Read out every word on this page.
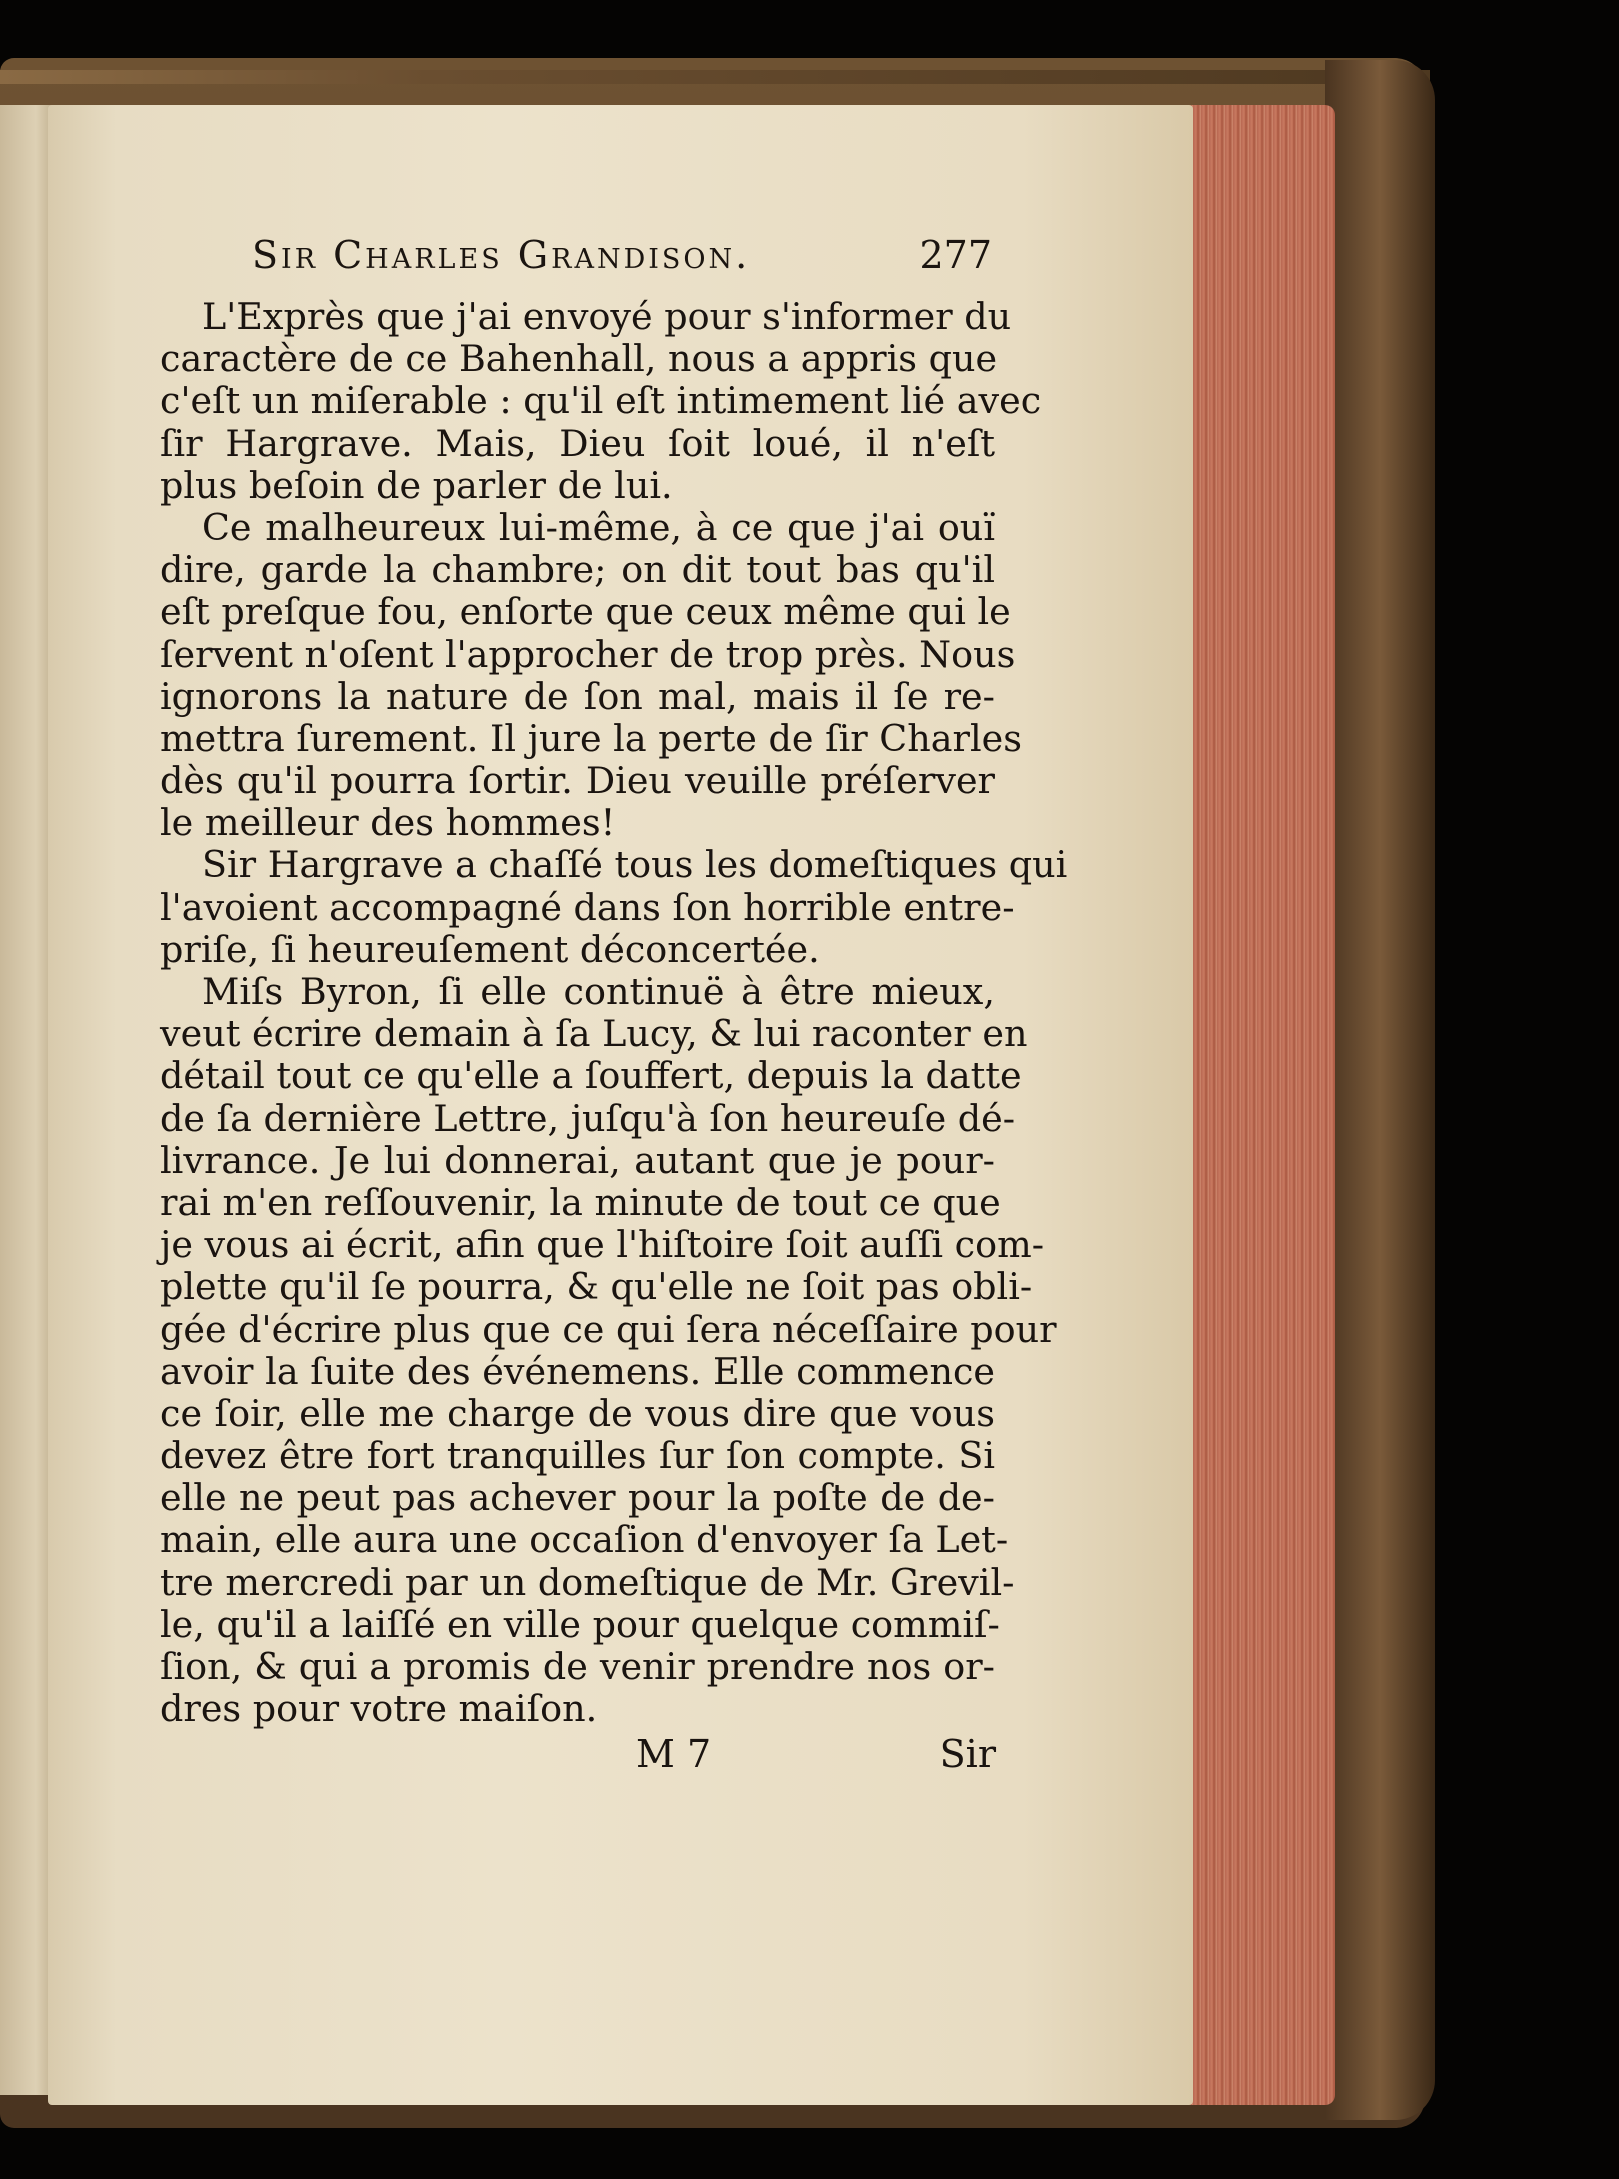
Sir Charles Grandison.	277
L'Exprès que j'ai envoyé pour s'informer du
caractère de ce Bahenhall, nous a appris que
c'eſt un miſerable : qu'il eſt intimement lié avec
ſir Hargrave. Mais, Dieu ſoit loué, il n'eſt
plus beſoin de parler de lui.
Ce malheureux lui-même, à ce que j'ai ouï
dire, garde la chambre; on dit tout bas qu'il
eſt preſque fou, enſorte que ceux même qui le
ſervent n'oſent l'approcher de trop près. Nous
ignorons la nature de ſon mal, mais il ſe re-
mettra ſurement. Il jure la perte de ſir Charles
dès qu'il pourra ſortir. Dieu veuille préſerver
le meilleur des hommes!
Sir Hargrave a chaſſé tous les domeſtiques qui
l'avoient accompagné dans ſon horrible entre-
priſe, ſi heureuſement déconcertée.
Miſs Byron, ſi elle continuë à être mieux,
veut écrire demain à ſa Lucy, & lui raconter en
détail tout ce qu'elle a ſouffert, depuis la datte
de ſa dernière Lettre, juſqu'à ſon heureuſe dé-
livrance. Je lui donnerai, autant que je pour-
rai m'en reſſouvenir, la minute de tout ce que
je vous ai écrit, afin que l'hiſtoire ſoit auſſi com-
plette qu'il ſe pourra, & qu'elle ne ſoit pas obli-
gée d'écrire plus que ce qui ſera néceſſaire pour
avoir la ſuite des événemens. Elle commence
ce ſoir, elle me charge de vous dire que vous
devez être fort tranquilles ſur ſon compte. Si
elle ne peut pas achever pour la poſte de de-
main, elle aura une occaſion d'envoyer ſa Let-
tre mercredi par un domeſtique de Mr. Grevil-
le, qu'il a laiſſé en ville pour quelque commiſ-
ſion, & qui a promis de venir prendre nos or-
dres pour votre maiſon.
M 7	Sir
